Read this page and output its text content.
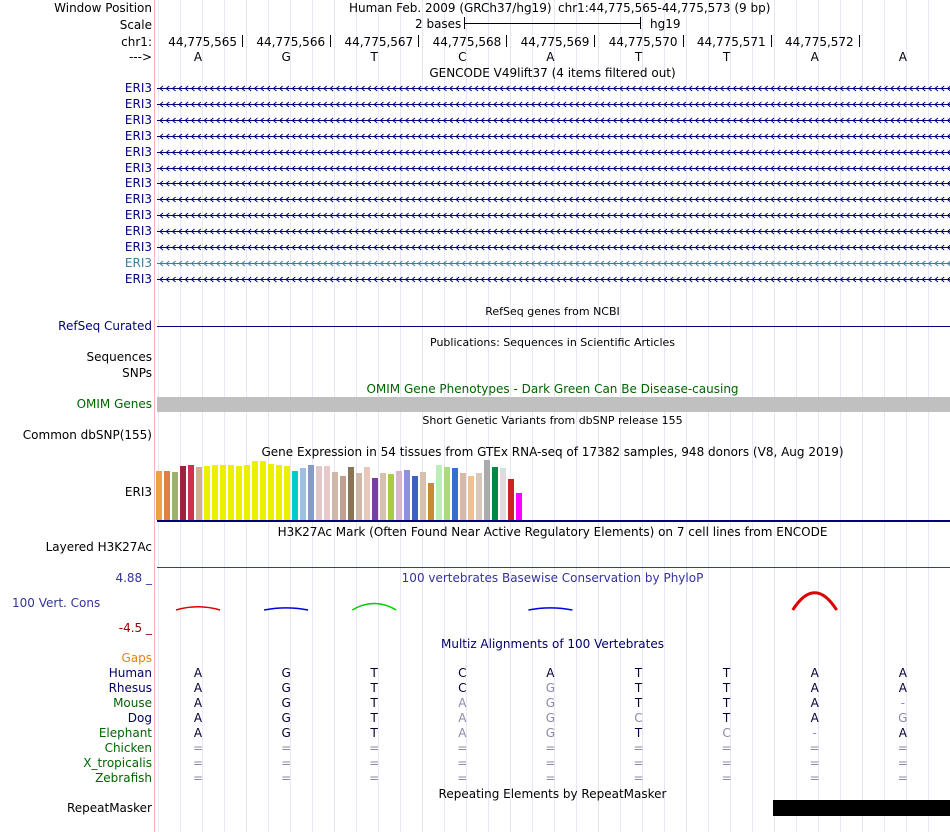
Window Position	Human Feb. 2009 (GRCh37/hg19) chr1:44,775,565-44,775,573 (9 bp)
Scale	2 bases	hg19
chr1:	44,775,565	44,775,566	44,775,567	44,775,568	44,775,569	44,775,570	44,775,571	44,775,572
--->	A	G	T	C	A	T	T	A	A
GENCODE V49lift37 (4 items filtered out)
ERI3
ERI3
ERI3
ERI3
ERI3
ERI3
ERI3
ERI3
ERI3
ERI3
ERI3
ERI3
ERI3
RefSeq genes from NCBI
RefSeq Curated
Publications: Sequences in Scientific Articles
Sequences
SNPs
OMIM Gene Phenotypes - Dark Green Can Be Disease-causing
OMIM Genes
Short Genetic Variants from dbSNP release 155
Common dbSNP(155)
Gene Expression in 54 tissues from GTEx RNA-seq of 17382 samples, 948 donors (V8, Aug 2019)
ERI3
H3K27Ac Mark (Often Found Near Active Regulatory Elements) on 7 cell lines from ENCODE
Layered H3K27Ac
100 vertebrates Basewise Conservation by PhyloP
4.88 _
100 Vert. Cons
-4.5 _
Multiz Alignments of 100 Vertebrates
Gaps
Human	A	G	T	C	A	T	T	A	A
Rhesus	A	G	T	C	G	T	T	A	A
Mouse	A	G	T	A	G	T	T	A	-
Dog	A	G	T	A	G	C	T	A	G
Elephant	A	G	T	A	G	T	C	-	A
Chicken	=	=	=	=	=	=	=	=	=
X_tropicalis	=	=	=	=	=	=	=	=	=
Zebrafish	=	=	=	=	=	=	=	=	=
Repeating Elements by RepeatMasker
RepeatMasker
